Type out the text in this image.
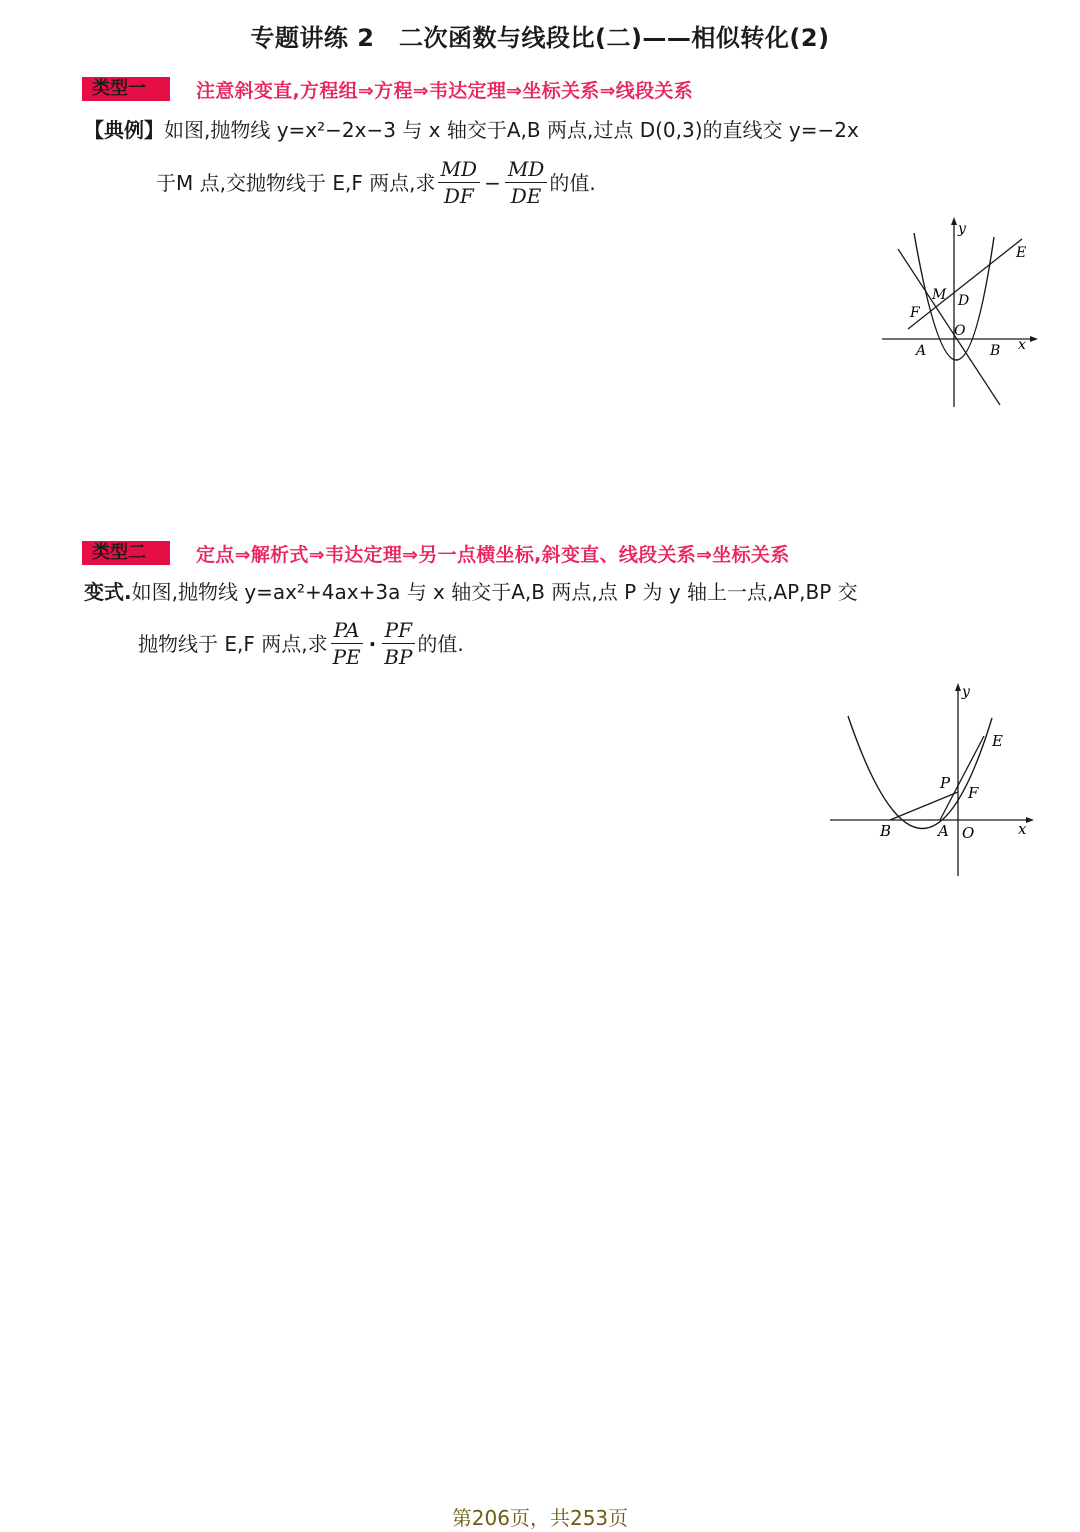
专题讲练 2　二次函数与线段比(二)——相似转化(2)
类型一	注意斜变直,方程组⇒方程⇒韦达定理⇒坐标关系⇒线段关系
【典例】如图,抛物线 y=x²−2x−3 与 x 轴交于A,B 两点,过点 D(0,3)的直线交 y=−2x
于M 点,交抛物线于 E,F 两点,求 $\frac{MD}{DF} - \frac{MD}{DE}$ 的值.
y
E
M D
F
O
A	B x
类型二	定点⇒解析式⇒韦达定理⇒另一点横坐标,斜变直、线段关系⇒坐标关系
变式.如图,抛物线 y=ax²+4ax+3a 与 x 轴交于A,B 两点,点 P 为 y 轴上一点,AP,BP 交
抛物线于 E,F 两点,求 $\frac{PA}{PE} \cdot \frac{PF}{BP}$ 的值.
y
E
P
F
B	A O	x
第206页，共253页
